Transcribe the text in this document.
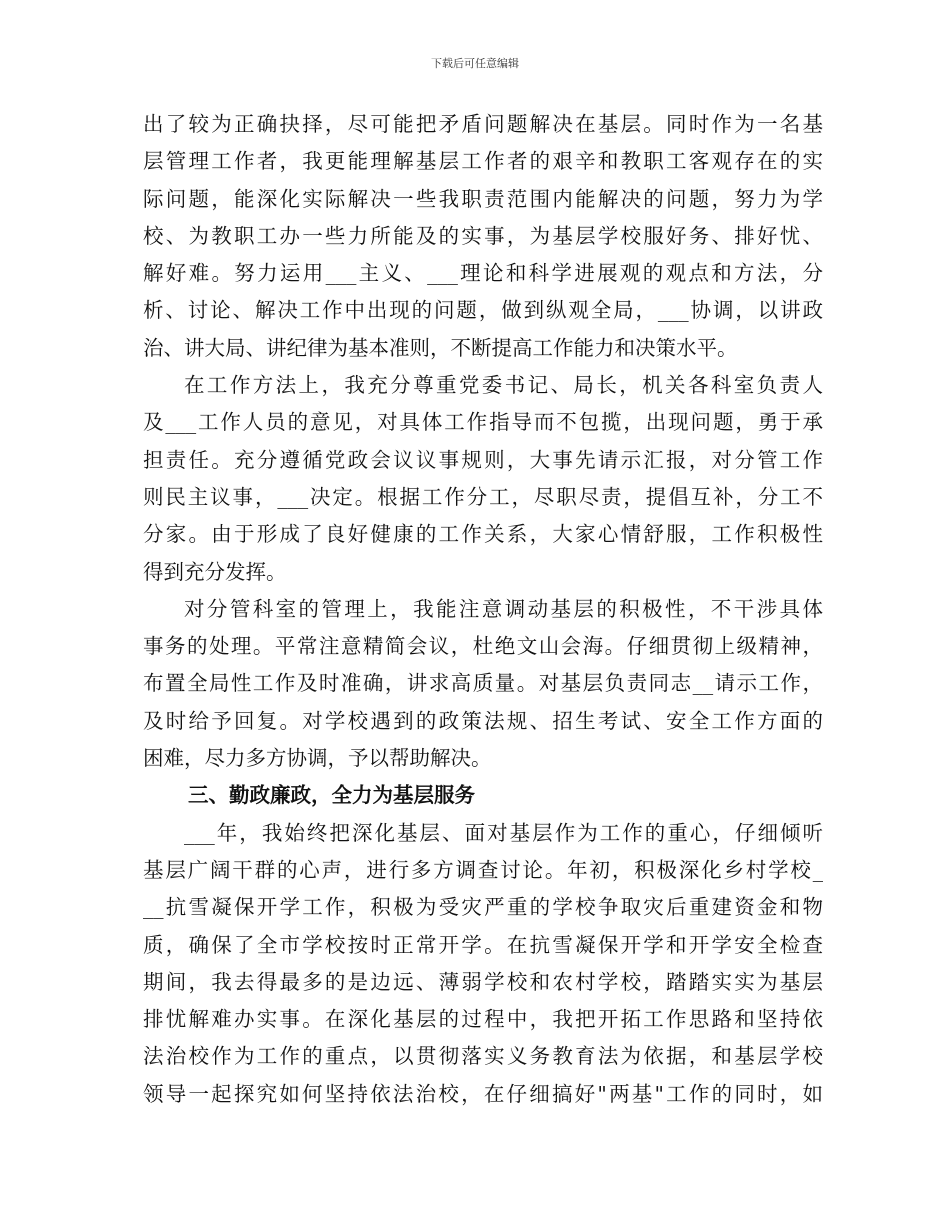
下载后可任意编辑
出了较为正确抉择，尽可能把矛盾问题解决在基层。同时作为一名基
层管理工作者，我更能理解基层工作者的艰辛和教职工客观存在的实
际问题，能深化实际解决一些我职责范围内能解决的问题，努力为学
校、为教职工办一些力所能及的实事，为基层学校服好务、排好忧、
解好难。努力运用___主义、___理论和科学进展观的观点和方法，分
析、讨论、解决工作中出现的问题，做到纵观全局，___协调，以讲政
治、讲大局、讲纪律为基本准则，不断提高工作能力和决策水平。
在工作方法上，我充分尊重党委书记、局长，机关各科室负责人
及___工作人员的意见，对具体工作指导而不包揽，出现问题，勇于承
担责任。充分遵循党政会议议事规则，大事先请示汇报，对分管工作
则民主议事，___决定。根据工作分工，尽职尽责，提倡互补，分工不
分家。由于形成了良好健康的工作关系，大家心情舒服，工作积极性
得到充分发挥。
对分管科室的管理上，我能注意调动基层的积极性，不干涉具体
事务的处理。平常注意精简会议，杜绝文山会海。仔细贯彻上级精神，
布置全局性工作及时准确，讲求高质量。对基层负责同志__请示工作，
及时给予回复。对学校遇到的政策法规、招生考试、安全工作方面的
困难，尽力多方协调，予以帮助解决。
三、勤政廉政，全力为基层服务
___年，我始终把深化基层、面对基层作为工作的重心，仔细倾听
基层广阔干群的心声，进行多方调查讨论。年初，积极深化乡村学校_
__抗雪凝保开学工作，积极为受灾严重的学校争取灾后重建资金和物
质，确保了全市学校按时正常开学。在抗雪凝保开学和开学安全检查
期间，我去得最多的是边远、薄弱学校和农村学校，踏踏实实为基层
排忧解难办实事。在深化基层的过程中，我把开拓工作思路和坚持依
法治校作为工作的重点，以贯彻落实义务教育法为依据，和基层学校
领导一起探究如何坚持依法治校，在仔细搞好"两基"工作的同时，如
